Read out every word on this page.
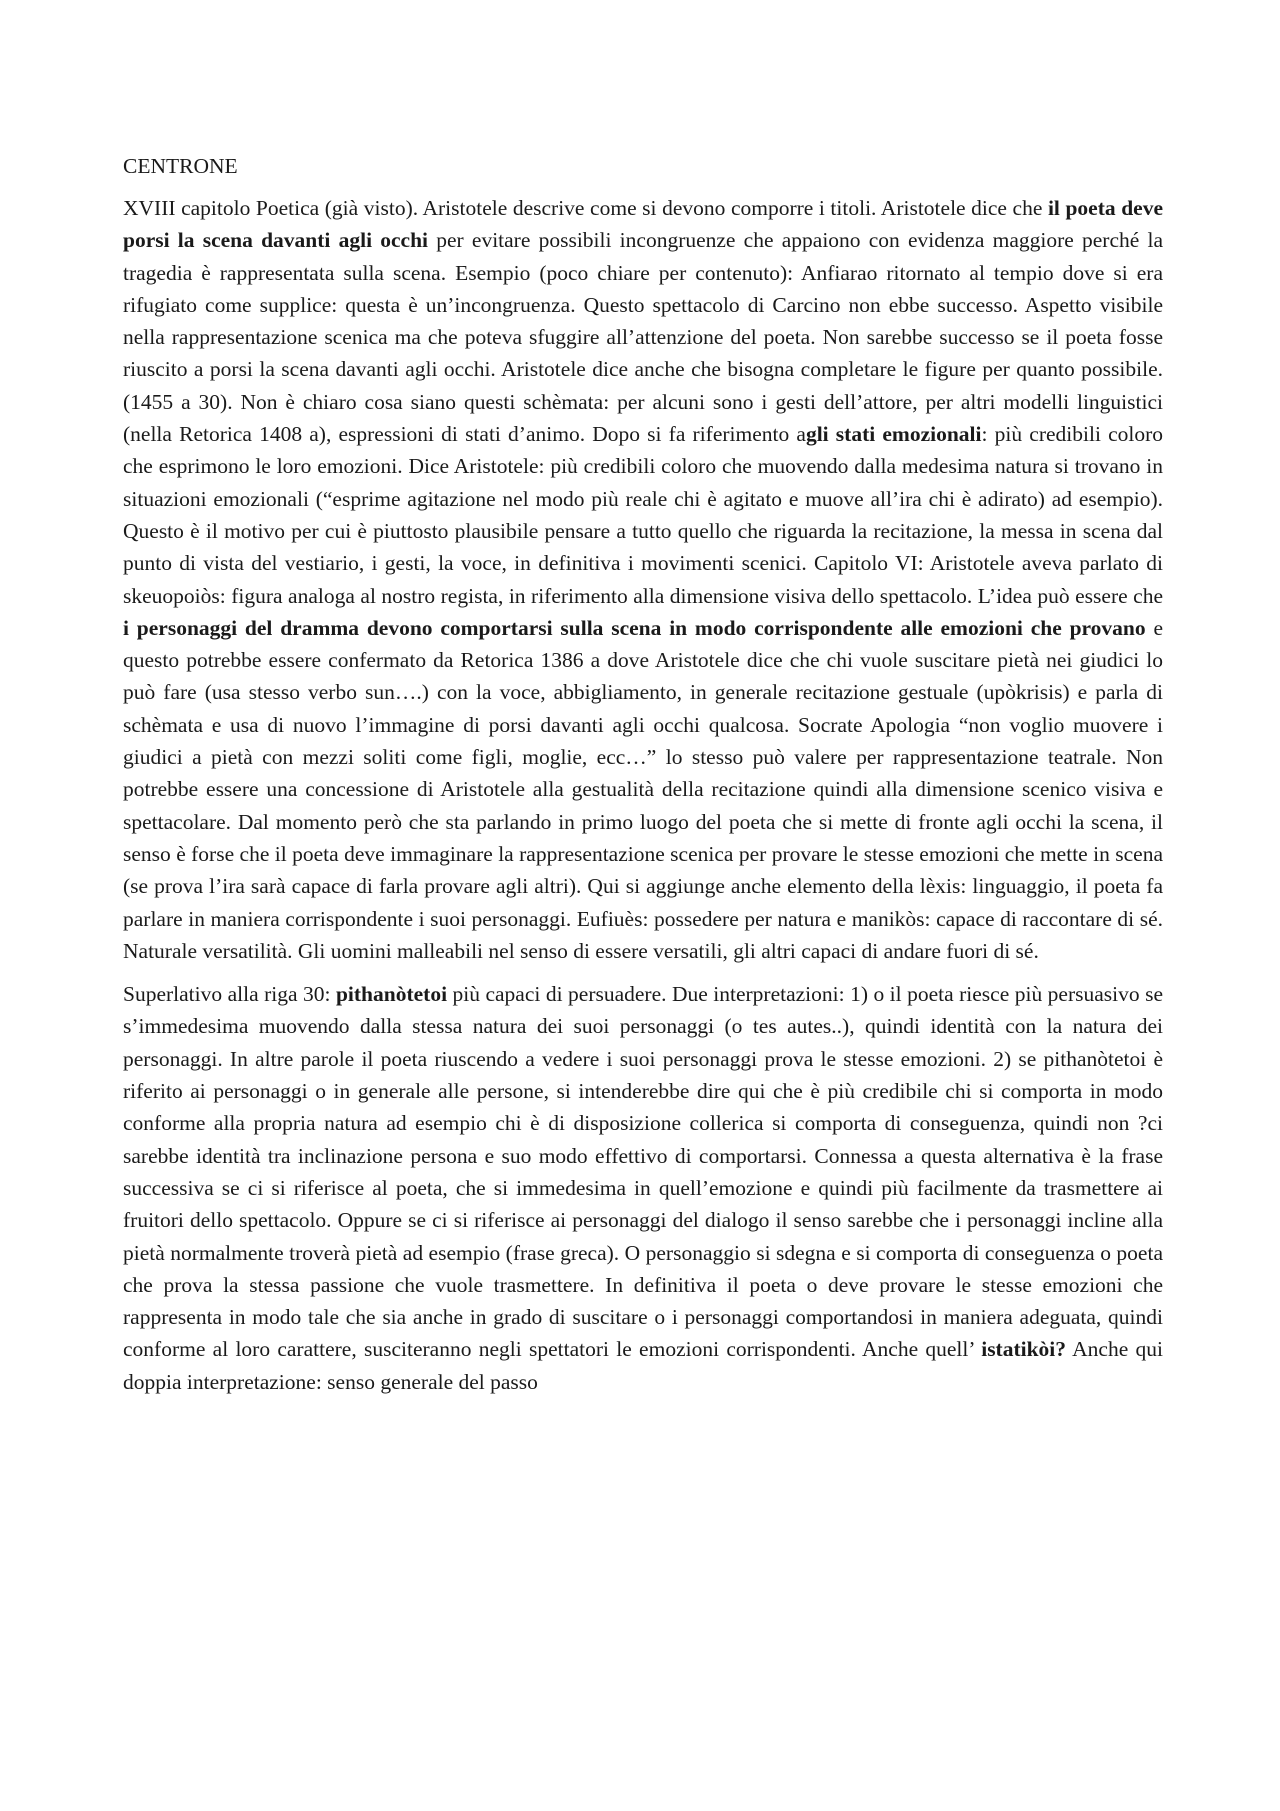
CENTRONE

XVIII capitolo Poetica (già visto). Aristotele descrive come si devono comporre i titoli. Aristotele dice che il poeta deve porsi la scena davanti agli occhi per evitare possibili incongruenze che appaiono con evidenza maggiore perché la tragedia è rappresentata sulla scena. Esempio (poco chiare per contenuto): Anfiarao ritornato al tempio dove si era rifugiato come supplice: questa è un’incongruenza. Questo spettacolo di Carcino non ebbe successo. Aspetto visibile nella rappresentazione scenica ma che poteva sfuggire all’attenzione del poeta. Non sarebbe successo se il poeta fosse riuscito a porsi la scena davanti agli occhi. Aristotele dice anche che bisogna completare le figure per quanto possibile. (1455 a 30). Non è chiaro cosa siano questi schèmata: per alcuni sono i gesti dell’attore, per altri modelli linguistici (nella Retorica 1408 a), espressioni di stati d’animo. Dopo si fa riferimento agli stati emozionali: più credibili coloro che esprimono le loro emozioni. Dice Aristotele: più credibili coloro che muovendo dalla medesima natura si trovano in situazioni emozionali (“esprime agitazione nel modo più reale chi è agitato e muove all’ira chi è adirato) ad esempio). Questo è il motivo per cui è piuttosto plausibile pensare a tutto quello che riguarda la recitazione, la messa in scena dal punto di vista del vestiario, i gesti, la voce, in definitiva i movimenti scenici. Capitolo VI: Aristotele aveva parlato di skeuopoiòs: figura analoga al nostro regista, in riferimento alla dimensione visiva dello spettacolo. L’idea può essere che i personaggi del dramma devono comportarsi sulla scena in modo corrispondente alle emozioni che provano e questo potrebbe essere confermato da Retorica 1386 a dove Aristotele dice che chi vuole suscitare pietà nei giudici lo può fare (usa stesso verbo sun….) con la voce, abbigliamento, in generale recitazione gestuale (upòkrisis) e parla di schèmata e usa di nuovo l’immagine di porsi davanti agli occhi qualcosa. Socrate Apologia “non voglio muovere i giudici a pietà con mezzi soliti come figli, moglie, ecc…” lo stesso può valere per rappresentazione teatrale. Non potrebbe essere una concessione di Aristotele alla gestualità della recitazione quindi alla dimensione scenico visiva e spettacolare. Dal momento però che sta parlando in primo luogo del poeta che si mette di fronte agli occhi la scena, il senso è forse che il poeta deve immaginare la rappresentazione scenica per provare le stesse emozioni che mette in scena (se prova l’ira sarà capace di farla provare agli altri). Qui si aggiunge anche elemento della lèxis: linguaggio, il poeta fa parlare in maniera corrispondente i suoi personaggi. Eufiuès: possedere per natura e manikòs: capace di raccontare di sé. Naturale versatilità. Gli uomini malleabili nel senso di essere versatili, gli altri capaci di andare fuori di sé.

Superlativo alla riga 30: pithanòtetoi più capaci di persuadere. Due interpretazioni: 1) o il poeta riesce più persuasivo se s’immedesima muovendo dalla stessa natura dei suoi personaggi (o tes autes..), quindi identità con la natura dei personaggi. In altre parole il poeta riuscendo a vedere i suoi personaggi prova le stesse emozioni. 2) se pithanòtetoi è riferito ai personaggi o in generale alle persone, si intenderebbe dire qui che è più credibile chi si comporta in modo conforme alla propria natura ad esempio chi è di disposizione collerica si comporta di conseguenza, quindi non ?ci sarebbe identità tra inclinazione persona e suo modo effettivo di comportarsi. Connessa a questa alternativa è la frase successiva se ci si riferisce al poeta, che si immedesima in quell’emozione e quindi più facilmente da trasmettere ai fruitori dello spettacolo. Oppure se ci si riferisce ai personaggi del dialogo il senso sarebbe che i personaggi incline alla pietà normalmente troverà pietà ad esempio (frase greca). O personaggio si sdegna e si comporta di conseguenza o poeta che prova la stessa passione che vuole trasmettere. In definitiva il poeta o deve provare le stesse emozioni che rappresenta in modo tale che sia anche in grado di suscitare o i personaggi comportandosi in maniera adeguata, quindi conforme al loro carattere, susciteranno negli spettatori le emozioni corrispondenti. Anche quell’ istatikòi? Anche qui doppia interpretazione: senso generale del passo
